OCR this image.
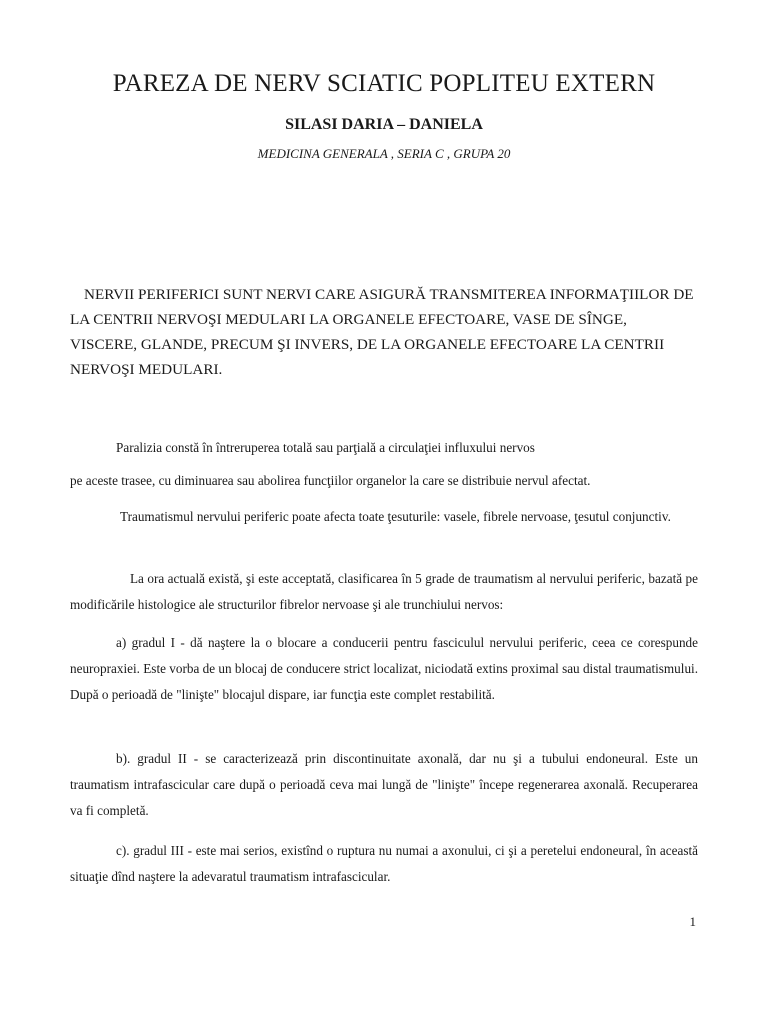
PAREZA DE NERV SCIATIC POPLITEU EXTERN
SILASI DARIA – DANIELA
MEDICINA GENERALA , SERIA C , GRUPA 20
NERVII PERIFERICI SUNT NERVI CARE ASIGURĂ TRANSMITEREA INFORMAŢIILOR DE
LA CENTRII NERVOŞI MEDULARI LA ORGANELE EFECTOARE, VASE DE SÎNGE,
VISCERE, GLANDE, PRECUM ŞI INVERS, DE LA ORGANELE EFECTOARE LA CENTRII
NERVOŞI MEDULARI.
Paralizia constă în întreruperea totală sau parţială a circulaţiei influxului nervos
pe aceste trasee, cu diminuarea sau abolirea funcţiilor organelor la care se distribuie nervul afectat.
Traumatismul nervului periferic poate afecta toate ţesuturile: vasele, fibrele nervoase, ţesutul conjunctiv.
La ora actuală există, şi este acceptată, clasificarea în 5 grade de traumatism al nervului periferic, bazată pe modificările histologice ale structurilor fibrelor nervoase şi ale trunchiului nervos:
a) gradul I - dă naştere la o blocare a conducerii pentru fasciculul nervului periferic, ceea ce corespunde neuropraxiei. Este vorba de un blocaj de conducere strict localizat, niciodată extins proximal sau distal traumatismului. După o perioadă de "linişte" blocajul dispare, iar funcţia este complet restabilită.
b). gradul II - se caracterizează prin discontinuitate axonală, dar nu şi a tubului endoneural. Este un traumatism intrafascicular care după o perioadă ceva mai lungă de "linişte" începe regenerarea axonală. Recuperarea va fi completă.
c). gradul III - este mai serios, existînd o ruptura nu numai a axonului, ci şi a peretelui endoneural, în această situaţie dînd naştere la adevaratul traumatism intrafascicular.
1
